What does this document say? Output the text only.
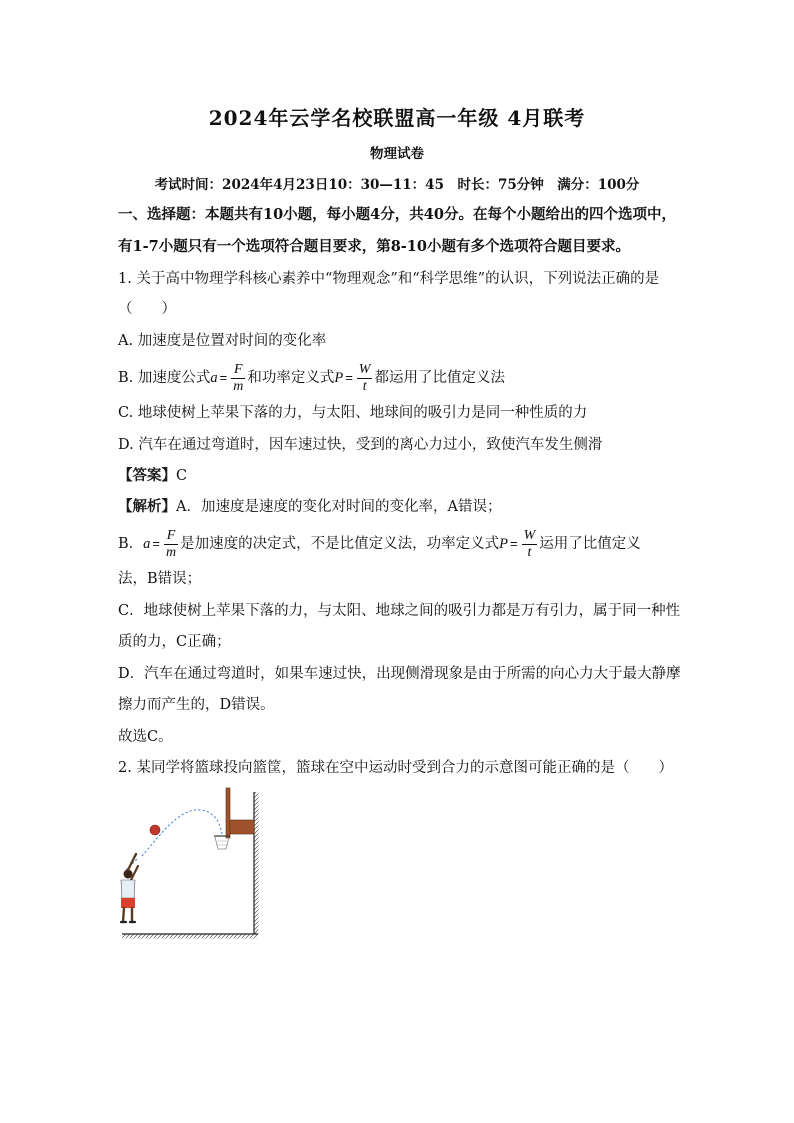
2024年云学名校联盟高一年级 4月联考
物理试卷
考试时间：2024年4月23日10：30—11：45　时长：75分钟　满分：100分
一、选择题：本题共有10小题，每小题4分，共40分。在每个小题给出的四个选项中，
有1-7小题只有一个选项符合题目要求，第8-10小题有多个选项符合题目要求。
1. 关于高中物理学科核心素养中“物理观念”和“科学思维”的认识，下列说法正确的是
（　　）
A. 加速度是位置对时间的变化率
B. 加速度公式$a = \frac{F}{m}$ 和功率定义式$P = \frac{W}{t}$ 都运用了比值定义法
C. 地球使树上苹果下落的力，与太阳、地球间的吸引力是同一种性质的力
D. 汽车在通过弯道时，因车速过快，受到的离心力过小，致使汽车发生侧滑
【答案】C
【解析】A．加速度是速度的变化对时间的变化率，A错误；
B．$a = \frac{F}{m}$ 是加速度的决定式，不是比值定义法，功率定义式$P = \frac{W}{t}$ 运用了比值定义
法，B错误；
C．地球使树上苹果下落的力，与太阳、地球之间的吸引力都是万有引力，属于同一种性
质的力，C正确；
D．汽车在通过弯道时，如果车速过快，出现侧滑现象是由于所需的向心力大于最大静摩
擦力而产生的，D错误。
故选C。
2. 某同学将篮球投向篮筐，篮球在空中运动时受到合力的示意图可能正确的是（　　）
